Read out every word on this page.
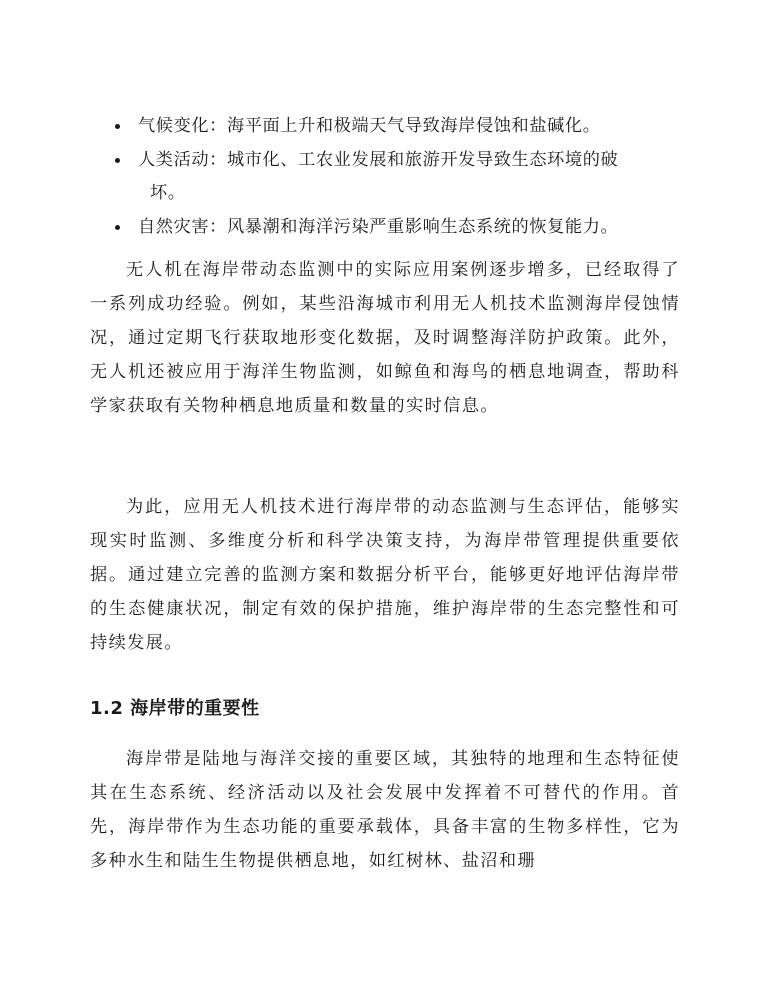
气候变化：海平面上升和极端天气导致海岸侵蚀和盐碱化。
人类活动：城市化、工农业发展和旅游开发导致生态环境的破
坏。
自然灾害：风暴潮和海洋污染严重影响生态系统的恢复能力。

无人机在海岸带动态监测中的实际应用案例逐步增多，已经取得了一系列成功经验。例如，某些沿海城市利用无人机技术监测海岸侵蚀情况，通过定期飞行获取地形变化数据，及时调整海洋防护政策。此外，无人机还被应用于海洋生物监测，如鲸鱼和海鸟的栖息地调查，帮助科学家获取有关物种栖息地质量和数量的实时信息。

为此，应用无人机技术进行海岸带的动态监测与生态评估，能够实现实时监测、多维度分析和科学决策支持，为海岸带管理提供重要依据。通过建立完善的监测方案和数据分析平台，能够更好地评估海岸带的生态健康状况，制定有效的保护措施，维护海岸带的生态完整性和可持续发展。

1.2 海岸带的重要性

海岸带是陆地与海洋交接的重要区域，其独特的地理和生态特征使其在生态系统、经济活动以及社会发展中发挥着不可替代的作用。首先，海岸带作为生态功能的重要承载体，具备丰富的生物多样性，它为多种水生和陆生生物提供栖息地，如红树林、盐沼和珊
